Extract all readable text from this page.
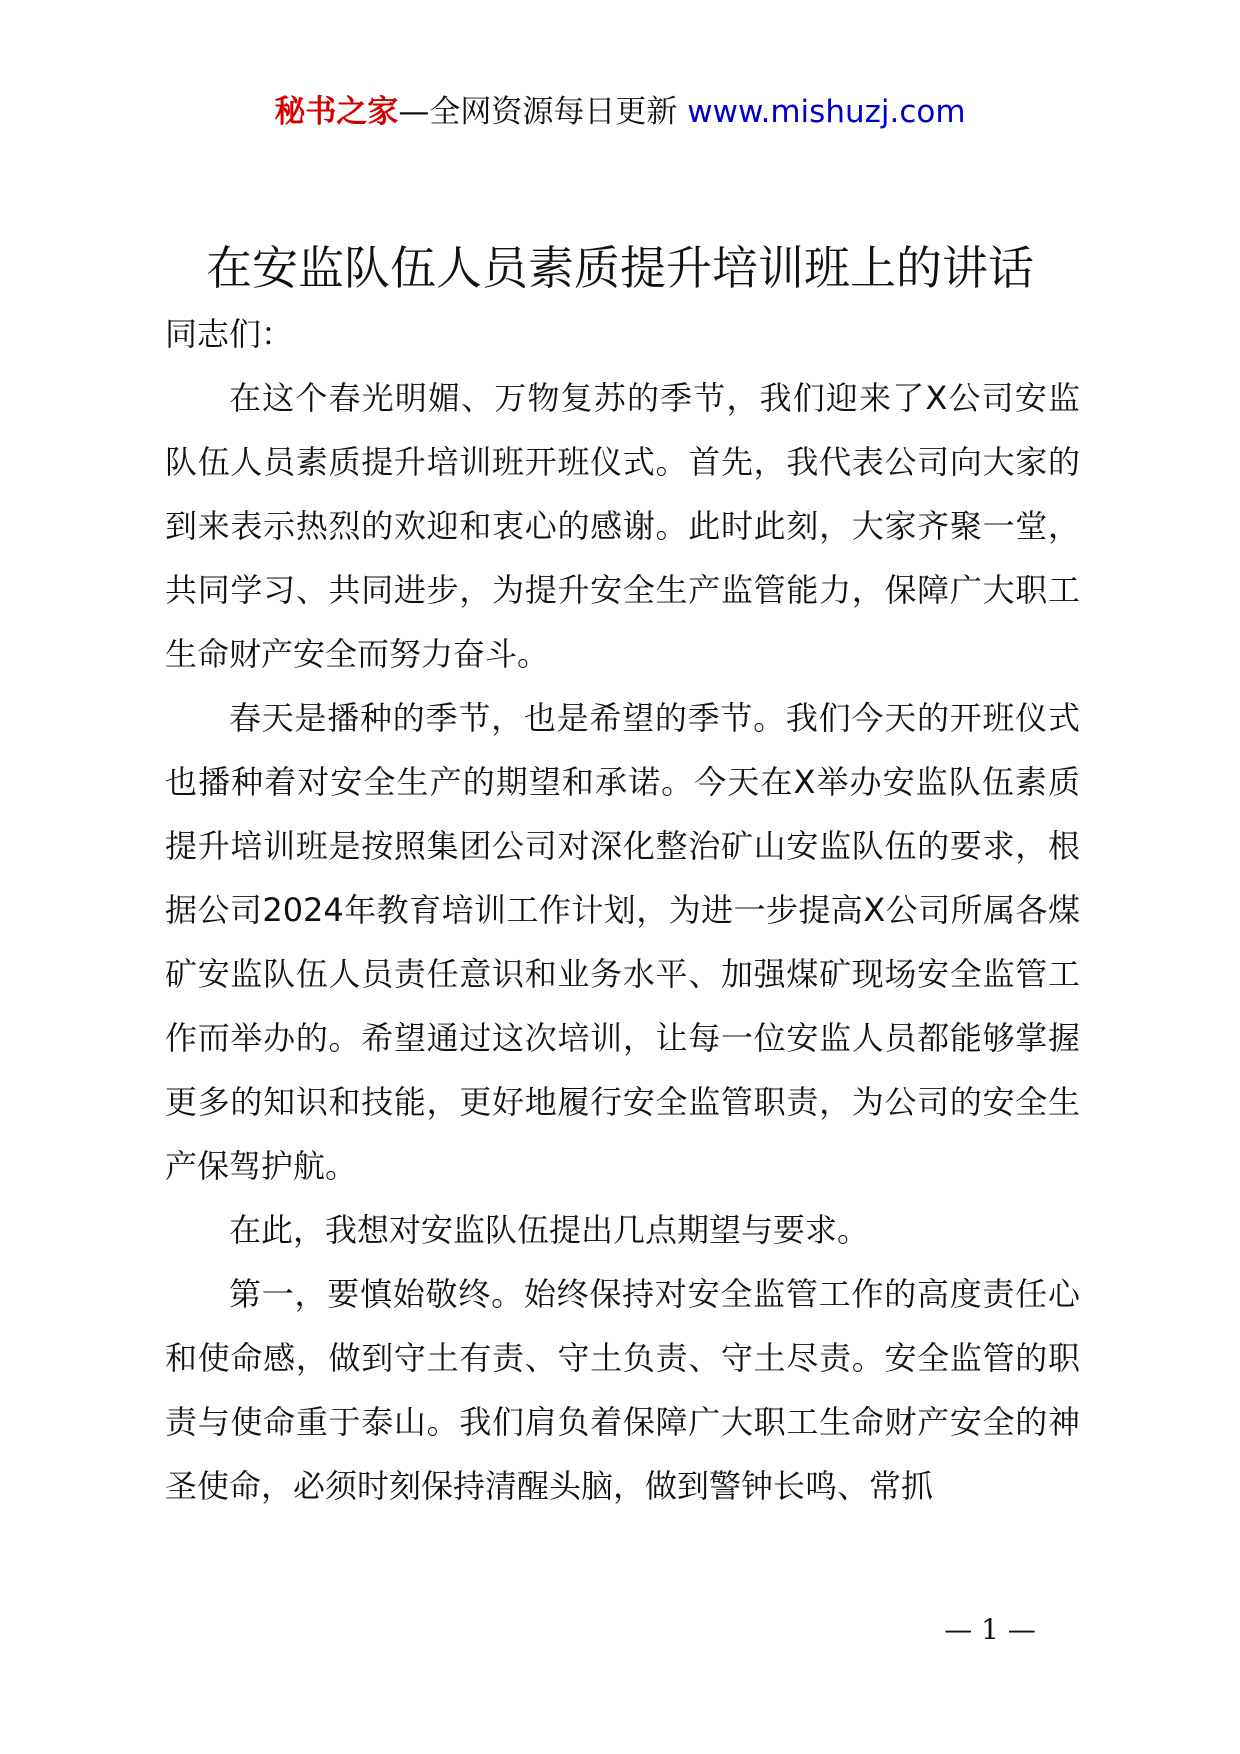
秘书之家—全网资源每日更新 www.mishuzj.com
在安监队伍人员素质提升培训班上的讲话

同志们：

在这个春光明媚、万物复苏的季节，我们迎来了X公司安监队伍人员素质提升培训班开班仪式。首先，我代表公司向大家的到来表示热烈的欢迎和衷心的感谢。此时此刻，大家齐聚一堂，共同学习、共同进步，为提升安全生产监管能力，保障广大职工生命财产安全而努力奋斗。

春天是播种的季节，也是希望的季节。我们今天的开班仪式也播种着对安全生产的期望和承诺。今天在X举办安监队伍素质提升培训班是按照集团公司对深化整治矿山安监队伍的要求，根据公司2024年教育培训工作计划，为进一步提高X公司所属各煤矿安监队伍人员责任意识和业务水平、加强煤矿现场安全监管工作而举办的。希望通过这次培训，让每一位安监人员都能够掌握更多的知识和技能，更好地履行安全监管职责，为公司的安全生产保驾护航。

在此，我想对安监队伍提出几点期望与要求。

第一，要慎始敬终。始终保持对安全监管工作的高度责任心和使命感，做到守土有责、守土负责、守土尽责。安全监管的职责与使命重于泰山。我们肩负着保障广大职工生命财产安全的神圣使命，必须时刻保持清醒头脑，做到警钟长鸣、常抓

— 1 —
